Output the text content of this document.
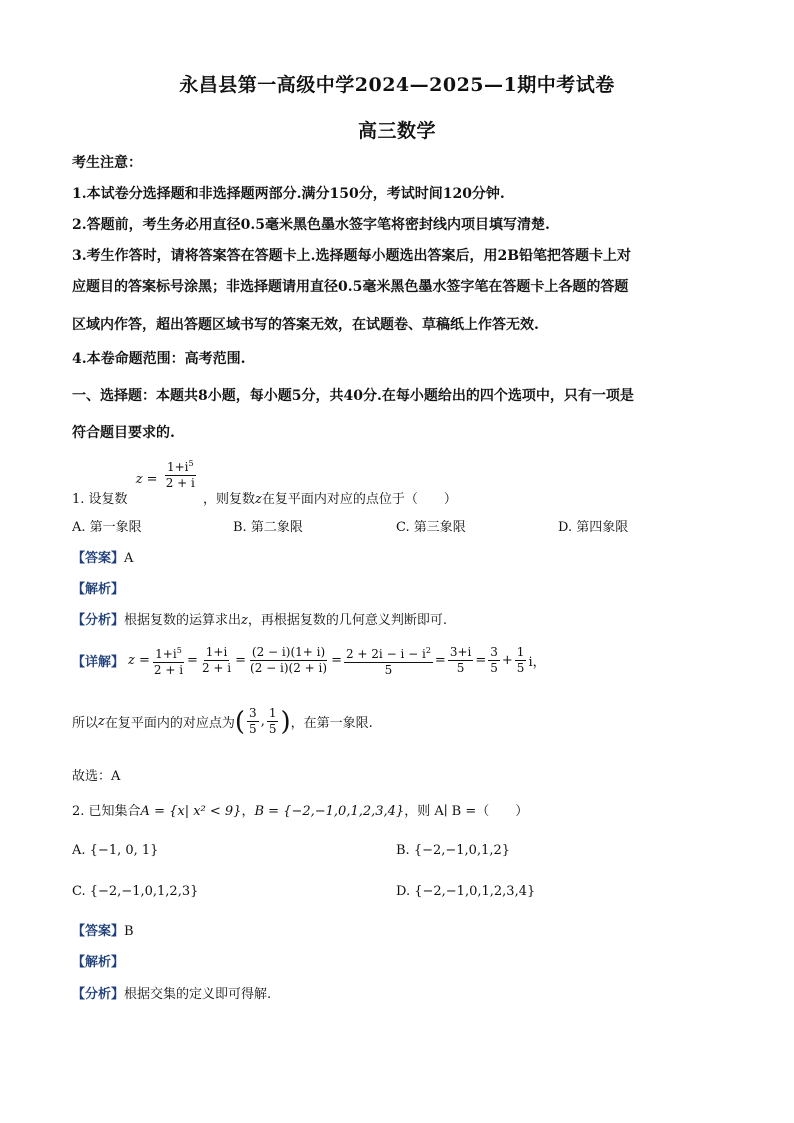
永昌县第一高级中学2024—2025—1期中考试卷
高三数学
考生注意：
1.本试卷分选择题和非选择题两部分.满分150分，考试时间120分钟.
2.答题前，考生务必用直径0.5毫米黑色墨水签字笔将密封线内项目填写清楚.
3.考生作答时，请将答案答在答题卡上.选择题每小题选出答案后，用2B铅笔把答题卡上对
应题目的答案标号涂黑；非选择题请用直径0.5毫米黑色墨水签字笔在答题卡上各题的答题
区域内作答，超出答题区域书写的答案无效，在试题卷、草稿纸上作答无效.
4.本卷命题范围：高考范围.
一、选择题：本题共8小题，每小题5分，共40分.在每小题给出的四个选项中，只有一项是
符合题目要求的.
1. 设复数 $z = \frac{1+i^5}{2 + i}$
，则复数z在复平面内对应的点位于（　　）
A. 第一象限	B. 第二象限	C. 第三象限	D. 第四象限
【答案】A
【解析】
【分析】根据复数的运算求出z，再根据复数的几何意义判断即可.
【详解】 $z = \frac{1+i^5}{2 + i} = \frac{1+i}{2 + i} = \frac{(2 - i)(1+ i)}{(2 - i)(2 + i)} = \frac{2 + 2i - i - i^2}{5} = \frac{3+i}{5} = \frac{3}{5} + \frac{1}{5}$ i，
所以 z 在复平面内的对应点为 ( $\frac{3}{5}$ , $\frac{1}{5}$ ) ，在第一象限.
故选：A
2. 已知集合A = {x| x² < 9}，B = {−2,−1,0,1,2,3,4}，则 A∣ B =（　　）
A. {−1, 0, 1}	B. {−2,−1,0,1,2}
C. {−2,−1,0,1,2,3}	D. {−2,−1,0,1,2,3,4}
【答案】B
【解析】
【分析】根据交集的定义即可得解.
